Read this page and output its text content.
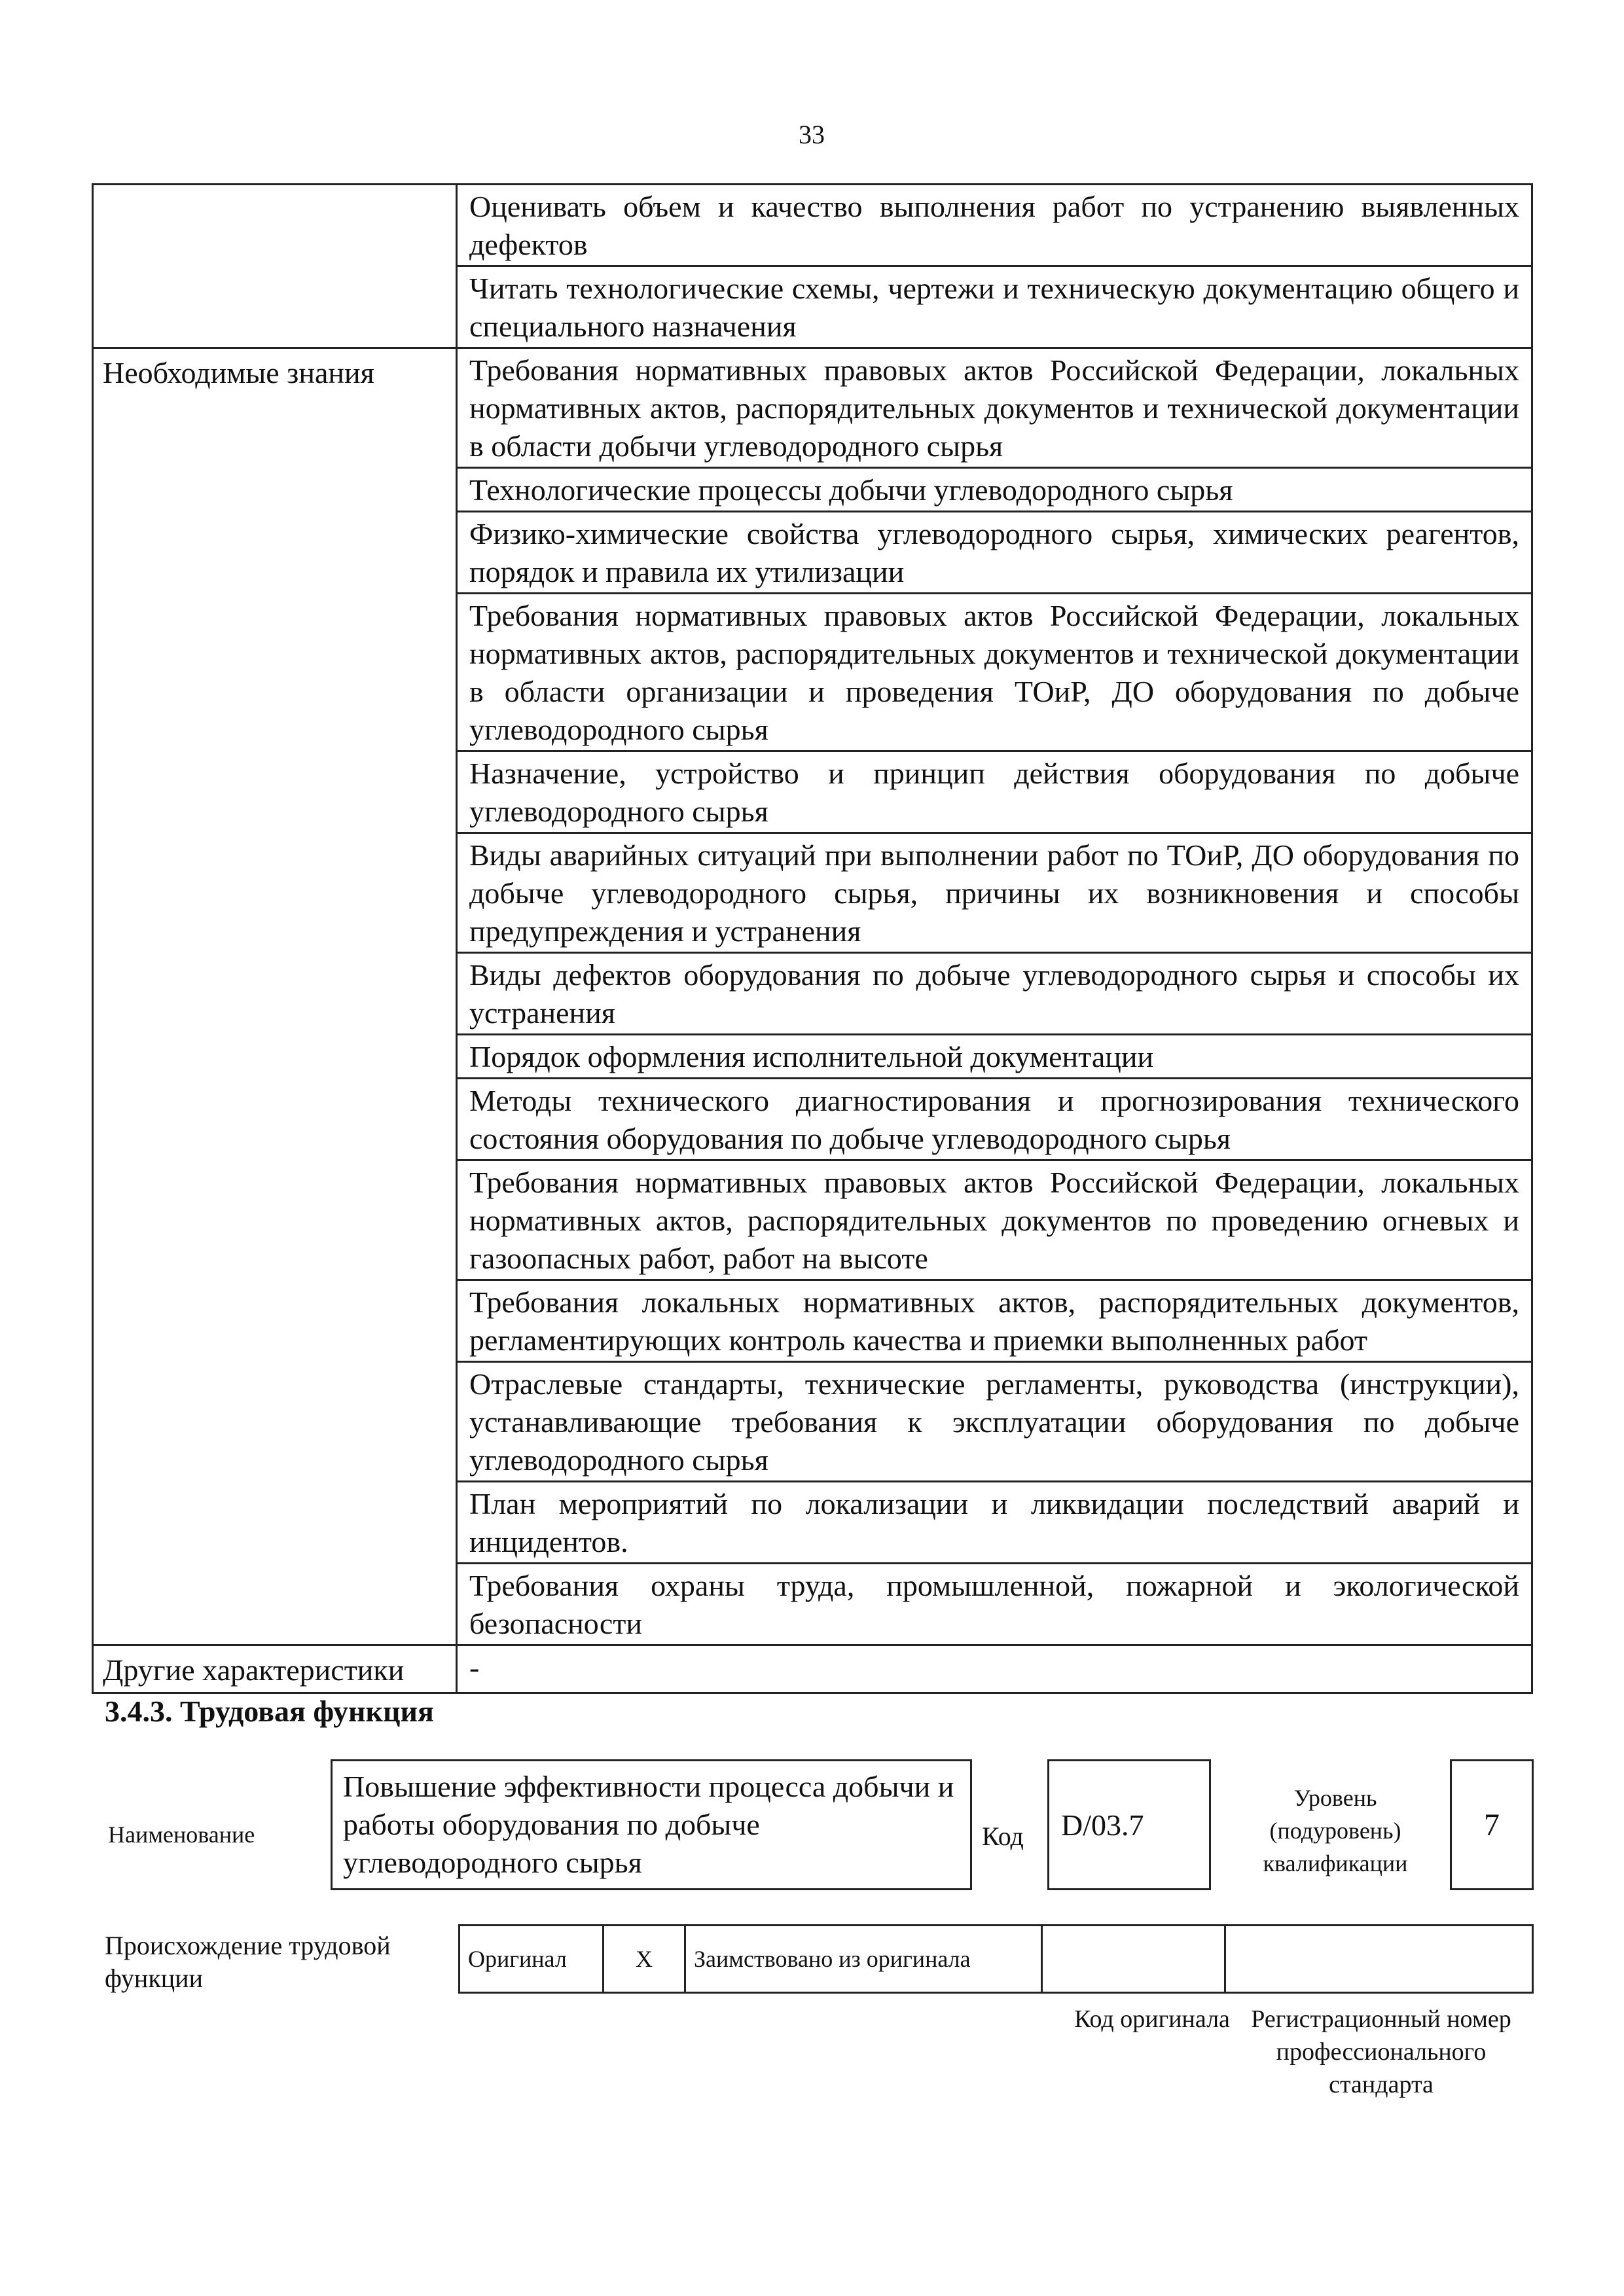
33
	Оценивать объем и качество выполнения работ по устранению выявленных дефектов
	Читать технологические схемы, чертежи и техническую документацию общего и специального назначения
Необходимые знания	Требования нормативных правовых актов Российской Федерации, локальных нормативных актов, распорядительных документов и технической документации в области добычи углеводородного сырья
	Технологические процессы добычи углеводородного сырья
	Физико-химические свойства углеводородного сырья, химических реагентов, порядок и правила их утилизации
	Требования нормативных правовых актов Российской Федерации, локальных нормативных актов, распорядительных документов и технической документации в области организации и проведения ТОиР, ДО оборудования по добыче углеводородного сырья
	Назначение, устройство и принцип действия оборудования по добыче углеводородного сырья
	Виды аварийных ситуаций при выполнении работ по ТОиР, ДО оборудования по добыче углеводородного сырья, причины их возникновения и способы предупреждения и устранения
	Виды дефектов оборудования по добыче углеводородного сырья и способы их устранения
	Порядок оформления исполнительной документации
	Методы технического диагностирования и прогнозирования технического состояния оборудования по добыче углеводородного сырья
	Требования нормативных правовых актов Российской Федерации, локальных нормативных актов, распорядительных документов по проведению огневых и газоопасных работ, работ на высоте
	Требования локальных нормативных актов, распорядительных документов, регламентирующих контроль качества и приемки выполненных работ
	Отраслевые стандарты, технические регламенты, руководства (инструкции), устанавливающие требования к эксплуатации оборудования по добыче углеводородного сырья
	План мероприятий по локализации и ликвидации последствий аварий и инцидентов.
	Требования охраны труда, промышленной, пожарной и экологической безопасности
Другие характеристики	-
3.4.3. Трудовая функция
Наименование
Повышение эффективности процесса добычи и работы оборудования по добыче углеводородного сырья
Код	D/03.7
Уровень (подуровень) квалификации
7
Происхождение трудовой функции
Оригинал	X	Заимствовано из оригинала		
Код оригинала Регистрационный номер профессионального стандарта
